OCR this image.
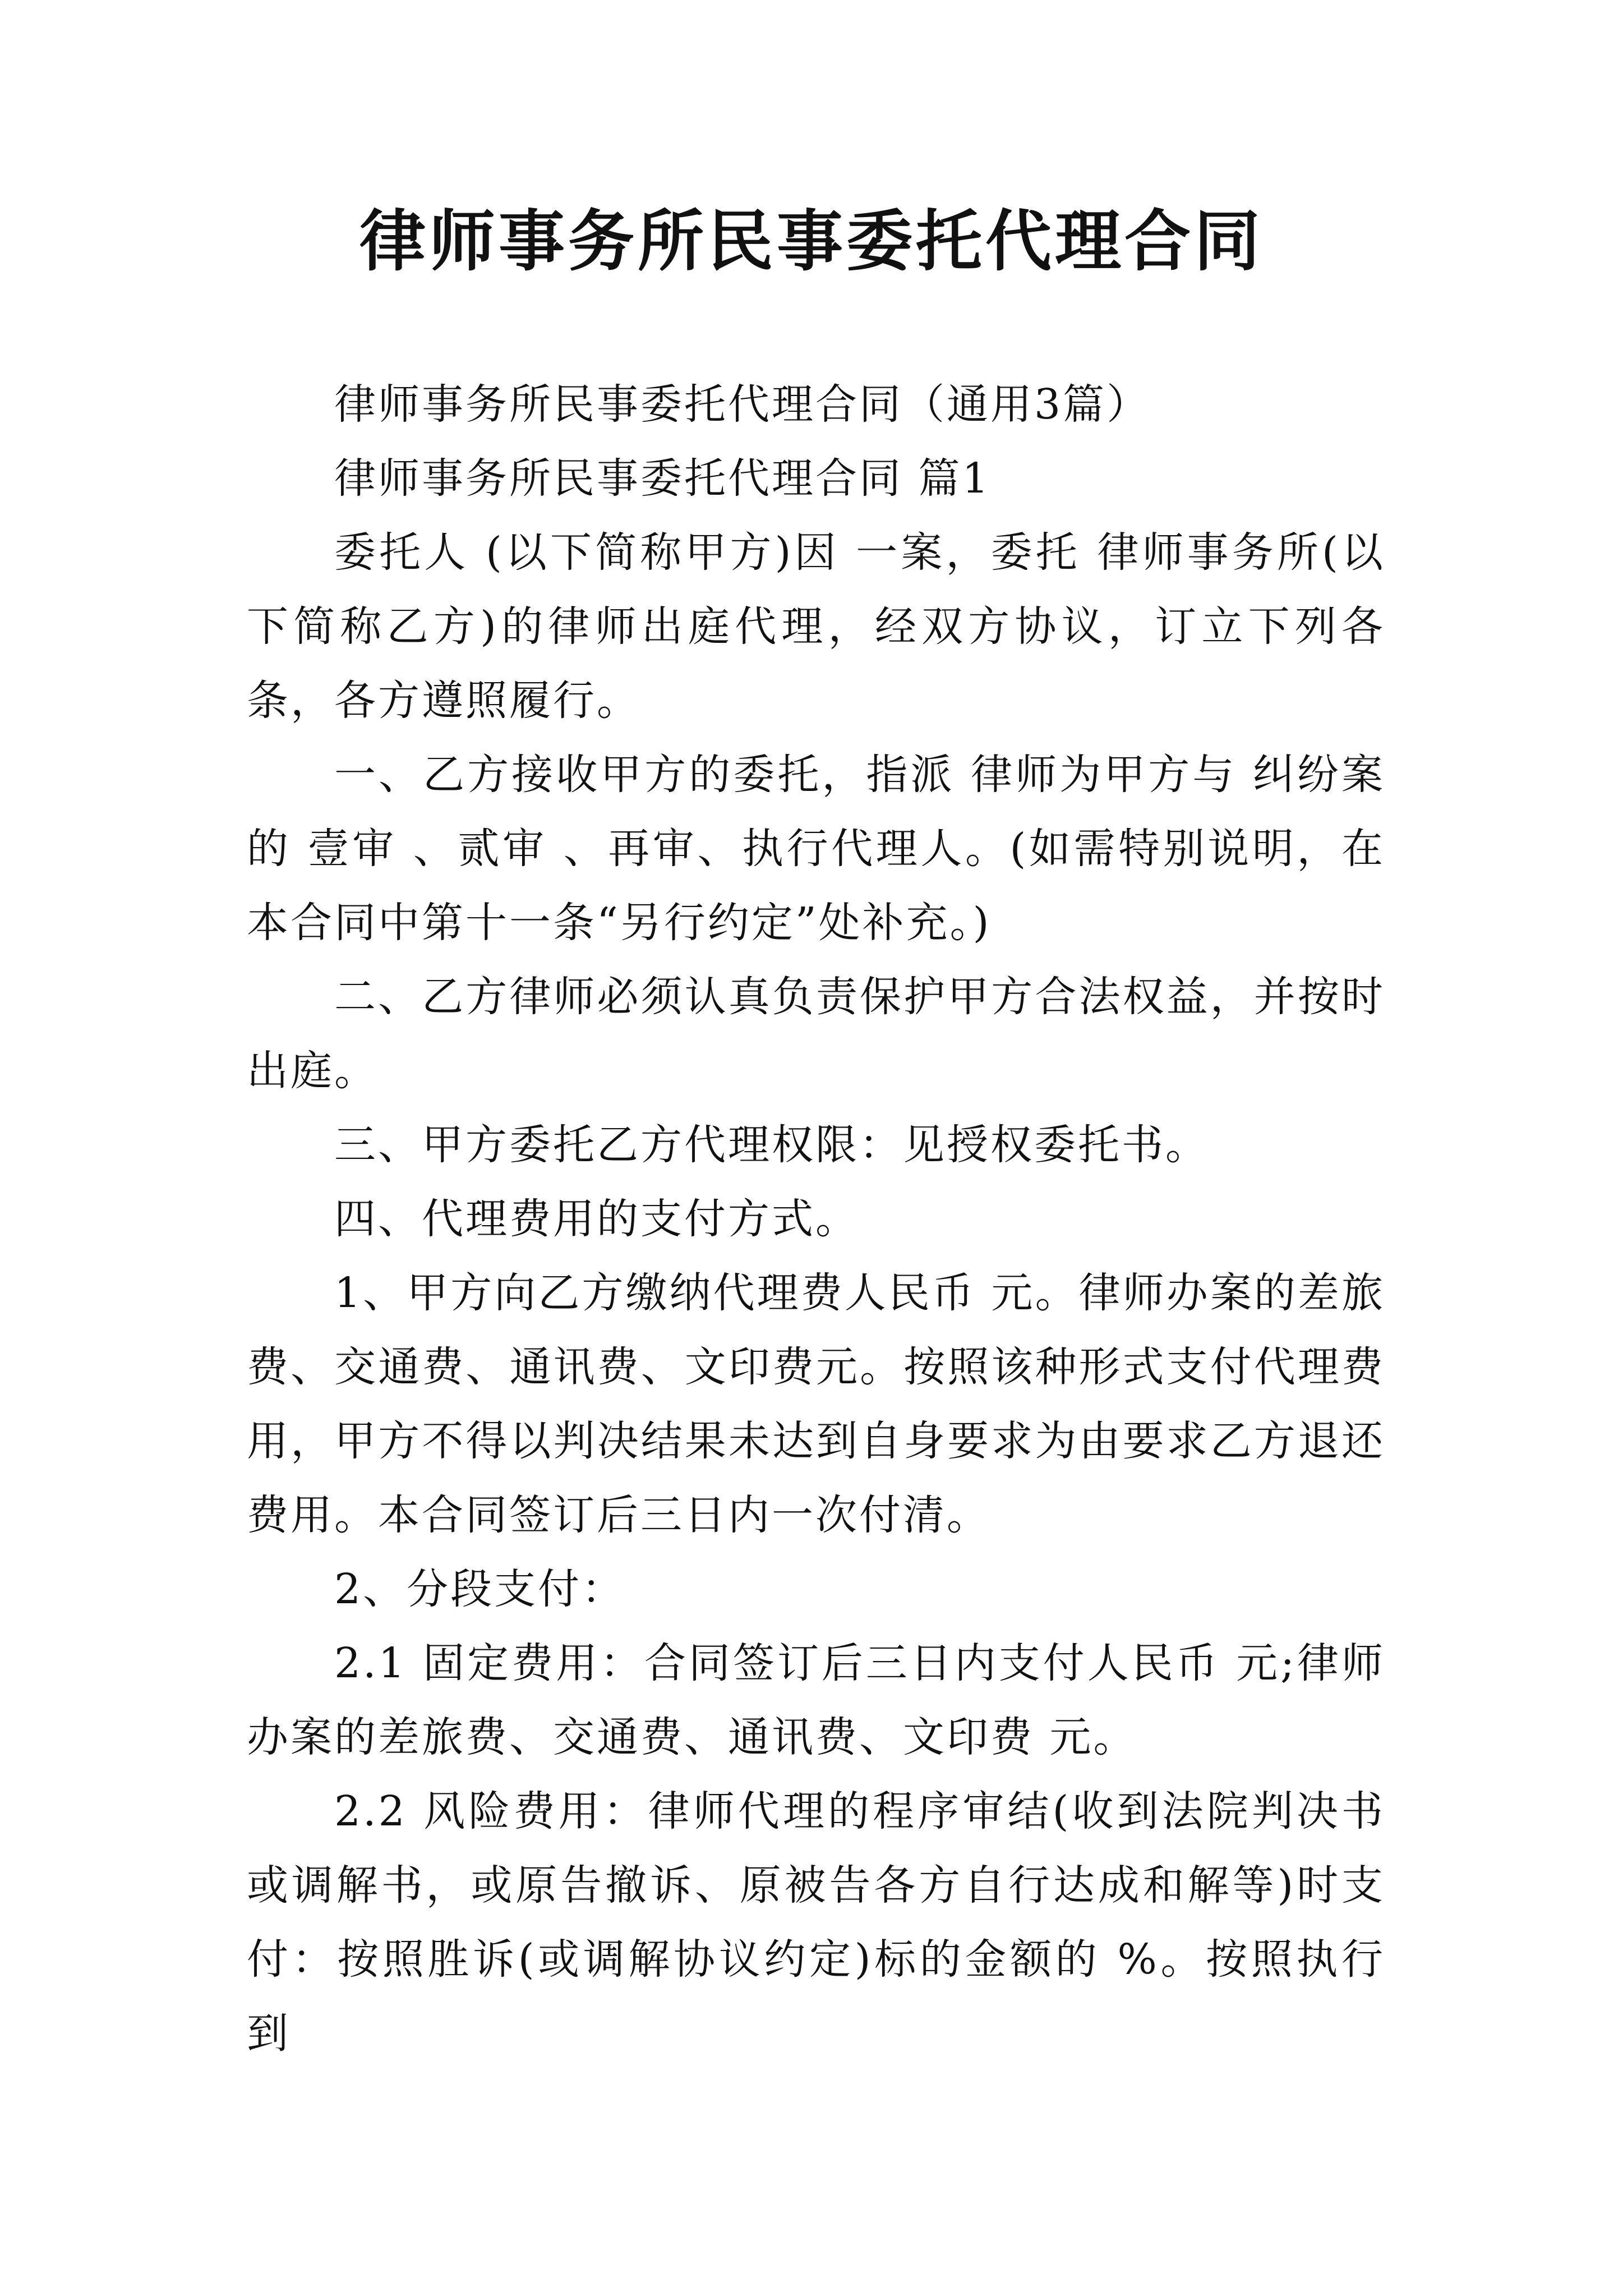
律师事务所民事委托代理合同

律师事务所民事委托代理合同（通用3篇）

律师事务所民事委托代理合同 篇1

委托人 (以下简称甲方)因 一案，委托 律师事务所(以下简称乙方)的律师出庭代理，经双方协议，订立下列各条，各方遵照履行。

一、乙方接收甲方的委托，指派 律师为甲方与 纠纷案的 壹审 、贰审 、再审、执行代理人。(如需特别说明，在本合同中第十一条“另行约定”处补充。)

二、乙方律师必须认真负责保护甲方合法权益，并按时出庭。

三、甲方委托乙方代理权限：见授权委托书。

四、代理费用的支付方式。

1、甲方向乙方缴纳代理费人民币 元。律师办案的差旅费、交通费、通讯费、文印费元。按照该种形式支付代理费用，甲方不得以判决结果未达到自身要求为由要求乙方退还费用。本合同签订后三日内一次付清。

2、分段支付：

2.1 固定费用：合同签订后三日内支付人民币 元;律师办案的差旅费、交通费、通讯费、文印费 元。

2.2 风险费用：律师代理的程序审结(收到法院判决书或调解书，或原告撤诉、原被告各方自行达成和解等)时支付：按照胜诉(或调解协议约定)标的金额的 %。按照执行到
